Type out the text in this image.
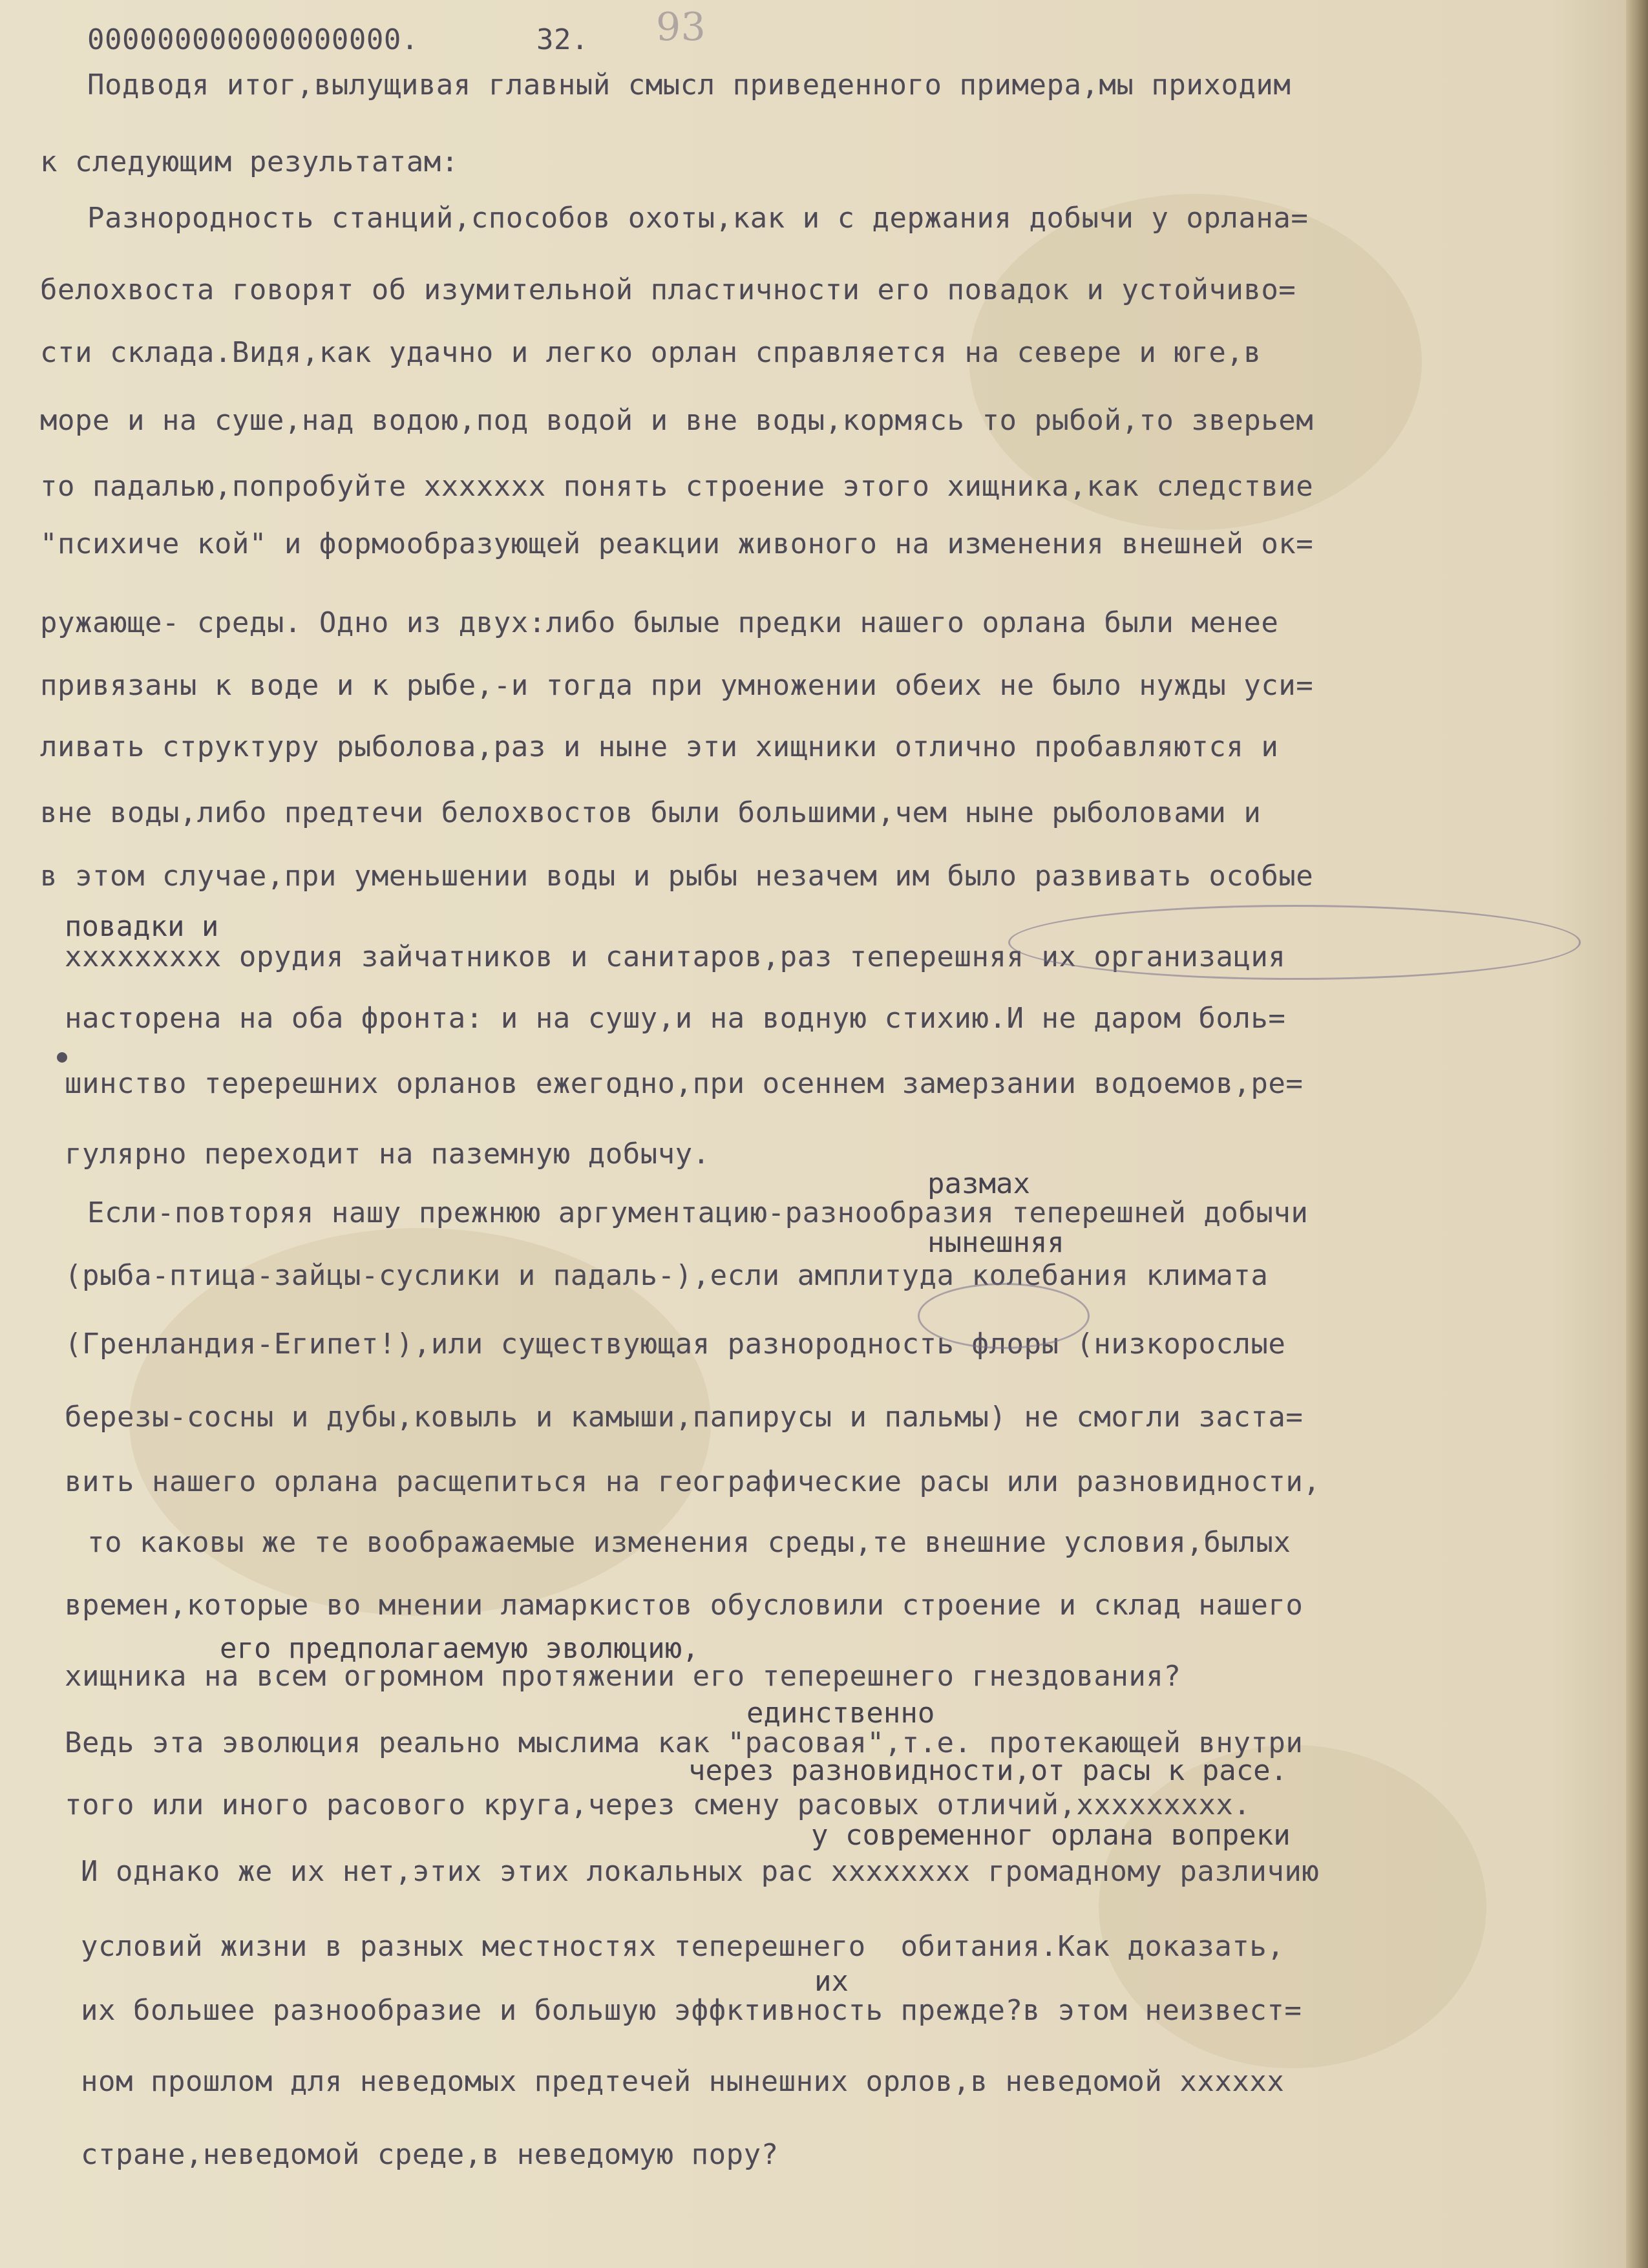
000000000000000000.	32. 93
Подводя итог,вылущивая главный смысл приведенного примера,мы приходим
к следующим результатам:
Разнородность станций,способов охоты,как и с держания добычи у орлана=
белохвоста говорят об изумительной пластичности его повадок и устойчиво=
сти склада.Видя,как удачно и легко орлан справляется на севере и юге,в
море и на суше,над водою,под водой и вне воды,кормясь то рыбой,то зверьем
то падалью,попробуйте xxxxxxx понять строение этого хищника,как следствие
"психиче кой" и формообразующей реакции живоного на изменения внешней ок=
ружающе- среды. Одно из двух:либо былые предки нашего орлана были менее
привязаны к воде и к рыбе,-и тогда при умножении обеих не было нужды уси=
ливать структуру рыболова,раз и ныне эти хищники отлично пробавляются и
вне воды,либо предтечи белохвостов были большими,чем ныне рыболовами и
в этом случае,при уменьшении воды и рыбы незачем им было развивать особые
повадки и
xxxxxxxxx орудия зайчатников и санитаров,раз теперешняя их организация
насторена на оба фронта: и на сушу,и на водную стихию.И не даром боль=
шинство теререшних орланов ежегодно,при осеннем замерзании водоемов,ре=
гулярно переходит на паземную добычу.
размах
Если-повторяя нашу прежнюю аргументацию-разнообразия теперешней добычи
нынешняя
(рыба-птица-зайцы-суслики и падаль-),если амплитуда колебания климата
(Гренландия-Египет!),или существующая разнородность флоры (низкорослые
березы-сосны и дубы,ковыль и камыши,папирусы и пальмы) не смогли заста=
вить нашего орлана расщепиться на географические расы или разновидности,
то каковы же те воображаемые изменения среды,те внешние условия,былых
времен,которые во мнении ламаркистов обусловили строение и склад нашего
его предполагаемую эволюцию,
хищника на всем огромном протяжении его теперешнего гнездования?
единственно
Ведь эта эволюция реально мыслима как "расовая",т.е. протекающей внутри
через разновидности,от расы к расе.
того или иного расового круга,через смену расовых отличий,xxxxxxxxx.
у современног орлана вопреки
И однако же их нет,этих этих локальных рас xxxxxxxx громадному различию
условий жизни в разных местностях теперешнего  обитания.Как доказать,
их
их большее разнообразие и большую эффктивность прежде?в этом неизвест=
ном прошлом для неведомых предтечей нынешних орлов,в неведомой xxxxxx
стране,неведомой среде,в неведомую пору?
